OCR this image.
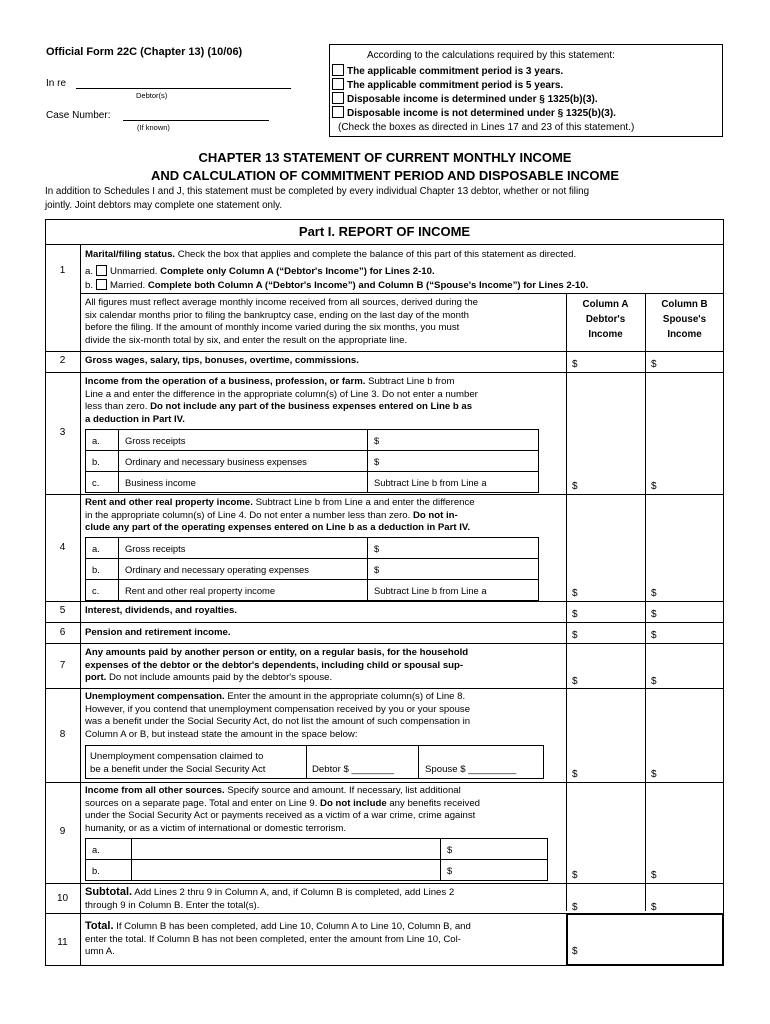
Official Form 22C (Chapter 13) (10/06)
In re
Debtor(s)
Case Number:
(If known)
According to the calculations required by this statement:
The applicable commitment period is 3 years.
The applicable commitment period is 5 years.
Disposable income is determined under § 1325(b)(3).
Disposable income is not determined under § 1325(b)(3).
(Check the boxes as directed in Lines 17 and 23 of this statement.)
CHAPTER 13 STATEMENT OF CURRENT MONTHLY INCOME
AND CALCULATION OF COMMITMENT PERIOD AND DISPOSABLE INCOME
In addition to Schedules I and J, this statement must be completed by every individual Chapter 13 debtor, whether or not filing
jointly. Joint debtors may complete one statement only.
Part I. REPORT OF INCOME
1
Marital/filing status. Check the box that applies and complete the balance of this part of this statement as directed.
a. Unmarried. Complete only Column A (“Debtor's Income”) for Lines 2-10.
b. Married. Complete both Column A (“Debtor's Income”) and Column B (“Spouse's Income”) for Lines 2-10.
All figures must reflect average monthly income received from all sources, derived during the
six calendar months prior to filing the bankruptcy case, ending on the last day of the month
before the filing. If the amount of monthly income varied during the six months, you must
divide the six-month total by six, and enter the result on the appropriate line.
Column A
Debtor's
Income
Column B
Spouse's
Income
2	Gross wages, salary, tips, bonuses, overtime, commissions.	$	$
3
Income from the operation of a business, profession, or farm. Subtract Line b from
Line a and enter the difference in the appropriate column(s) of Line 3. Do not enter a number
less than zero. Do not include any part of the business expenses entered on Line b as
a deduction in Part IV.
a.	Gross receipts	$
b.	Ordinary and necessary business expenses	$
c.	Business income	Subtract Line b from Line a	$	$
4
Rent and other real property income. Subtract Line b from Line a and enter the difference
in the appropriate column(s) of Line 4. Do not enter a number less than zero. Do not in-
clude any part of the operating expenses entered on Line b as a deduction in Part IV.
a.	Gross receipts	$
b.	Ordinary and necessary operating expenses	$
c.	Rent and other real property income	Subtract Line b from Line a	$	$
5	Interest, dividends, and royalties.	$	$
6	Pension and retirement income.	$	$
7
Any amounts paid by another person or entity, on a regular basis, for the household
expenses of the debtor or the debtor's dependents, including child or spousal sup-
port. Do not include amounts paid by the debtor's spouse.	$	$
8
Unemployment compensation. Enter the amount in the appropriate column(s) of Line 8.
However, if you contend that unemployment compensation received by you or your spouse
was a benefit under the Social Security Act, do not list the amount of such compensation in
Column A or B, but instead state the amount in the space below:
Unemployment compensation claimed to
be a benefit under the Social Security Act	Debtor $ ________	Spouse $ _________	$	$
9
Income from all other sources. Specify source and amount. If necessary, list additional
sources on a separate page. Total and enter on Line 9. Do not include any benefits received
under the Social Security Act or payments received as a victim of a war crime, crime against
humanity, or as a victim of international or domestic terrorism.
a.		$
b.		$	$	$
10
Subtotal. Add Lines 2 thru 9 in Column A, and, if Column B is completed, add Lines 2
through 9 in Column B. Enter the total(s).	$	$
11
Total. If Column B has been completed, add Line 10, Column A to Line 10, Column B, and
enter the total. If Column B has not been completed, enter the amount from Line 10, Col-
umn A.	$
